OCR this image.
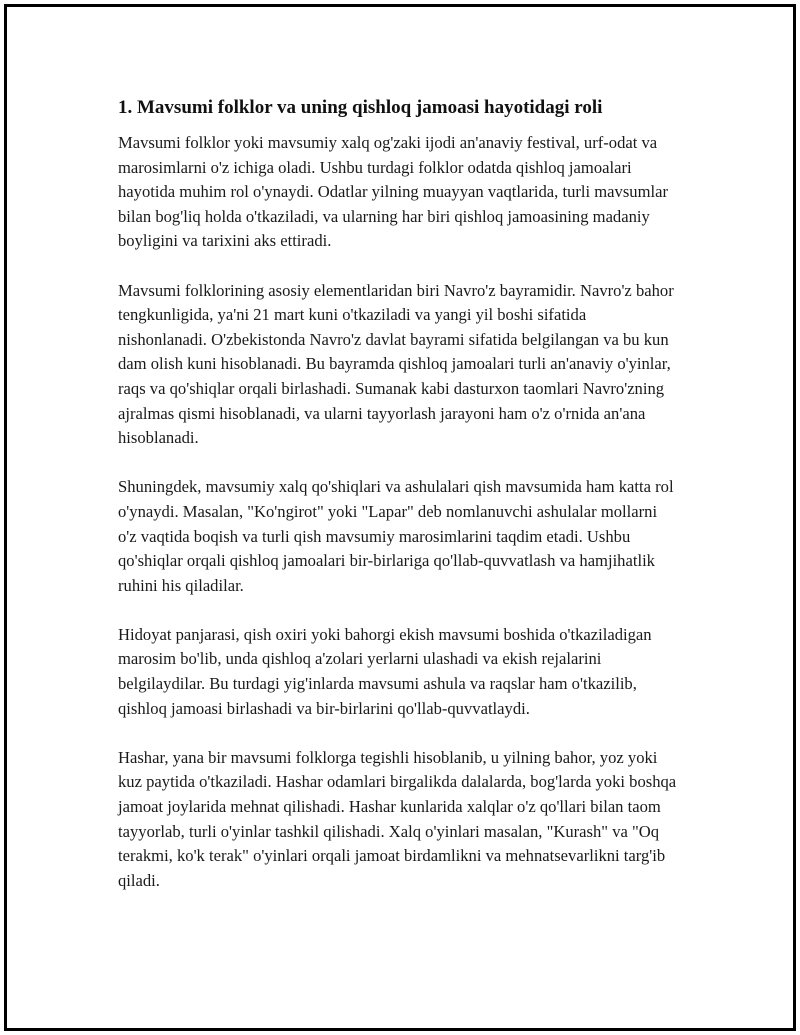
1. Mavsumi folklor va uning qishloq jamoasi hayotidagi roli

Mavsumi folklor yoki mavsumiy xalq og'zaki ijodi an'anaviy festival, urf-odat va marosimlarni o'z ichiga oladi. Ushbu turdagi folklor odatda qishloq jamoalari hayotida muhim rol o'ynaydi. Odatlar yilning muayyan vaqtlarida, turli mavsumlar bilan bog'liq holda o'tkaziladi, va ularning har biri qishloq jamoasining madaniy boyligini va tarixini aks ettiradi.

Mavsumi folklorining asosiy elementlaridan biri Navro'z bayramidir. Navro'z bahor tengkunligida, ya'ni 21 mart kuni o'tkaziladi va yangi yil boshi sifatida nishonlanadi. O'zbekistonda Navro'z davlat bayrami sifatida belgilangan va bu kun dam olish kuni hisoblanadi. Bu bayramda qishloq jamoalari turli an'anaviy o'yinlar, raqs va qo'shiqlar orqali birlashadi. Sumanak kabi dasturxon taomlari Navro'zning ajralmas qismi hisoblanadi, va ularni tayyorlash jarayoni ham o'z o'rnida an'ana hisoblanadi.

Shuningdek, mavsumiy xalq qo'shiqlari va ashulalari qish mavsumida ham katta rol o'ynaydi. Masalan, "Ko'ngirot" yoki "Lapar" deb nomlanuvchi ashulalar mollarni o'z vaqtida boqish va turli qish mavsumiy marosimlarini taqdim etadi. Ushbu qo'shiqlar orqali qishloq jamoalari bir-birlariga qo'llab-quvvatlash va hamjihatlik ruhini his qiladilar.

Hidoyat panjarasi, qish oxiri yoki bahorgi ekish mavsumi boshida o'tkaziladigan marosim bo'lib, unda qishloq a'zolari yerlarni ulashadi va ekish rejalarini belgilaydilar. Bu turdagi yig'inlarda mavsumi ashula va raqslar ham o'tkazilib, qishloq jamoasi birlashadi va bir-birlarini qo'llab-quvvatlaydi.

Hashar, yana bir mavsumi folklorga tegishli hisoblanib, u yilning bahor, yoz yoki kuz paytida o'tkaziladi. Hashar odamlari birgalikda dalalarda, bog'larda yoki boshqa jamoat joylarida mehnat qilishadi. Hashar kunlarida xalqlar o'z qo'llari bilan taom tayyorlab, turli o'yinlar tashkil qilishadi. Xalq o'yinlari masalan, "Kurash" va "Oq terakmi, ko'k terak" o'yinlari orqali jamoat birdamlikni va mehnatsevarlikni targ'ib qiladi.
